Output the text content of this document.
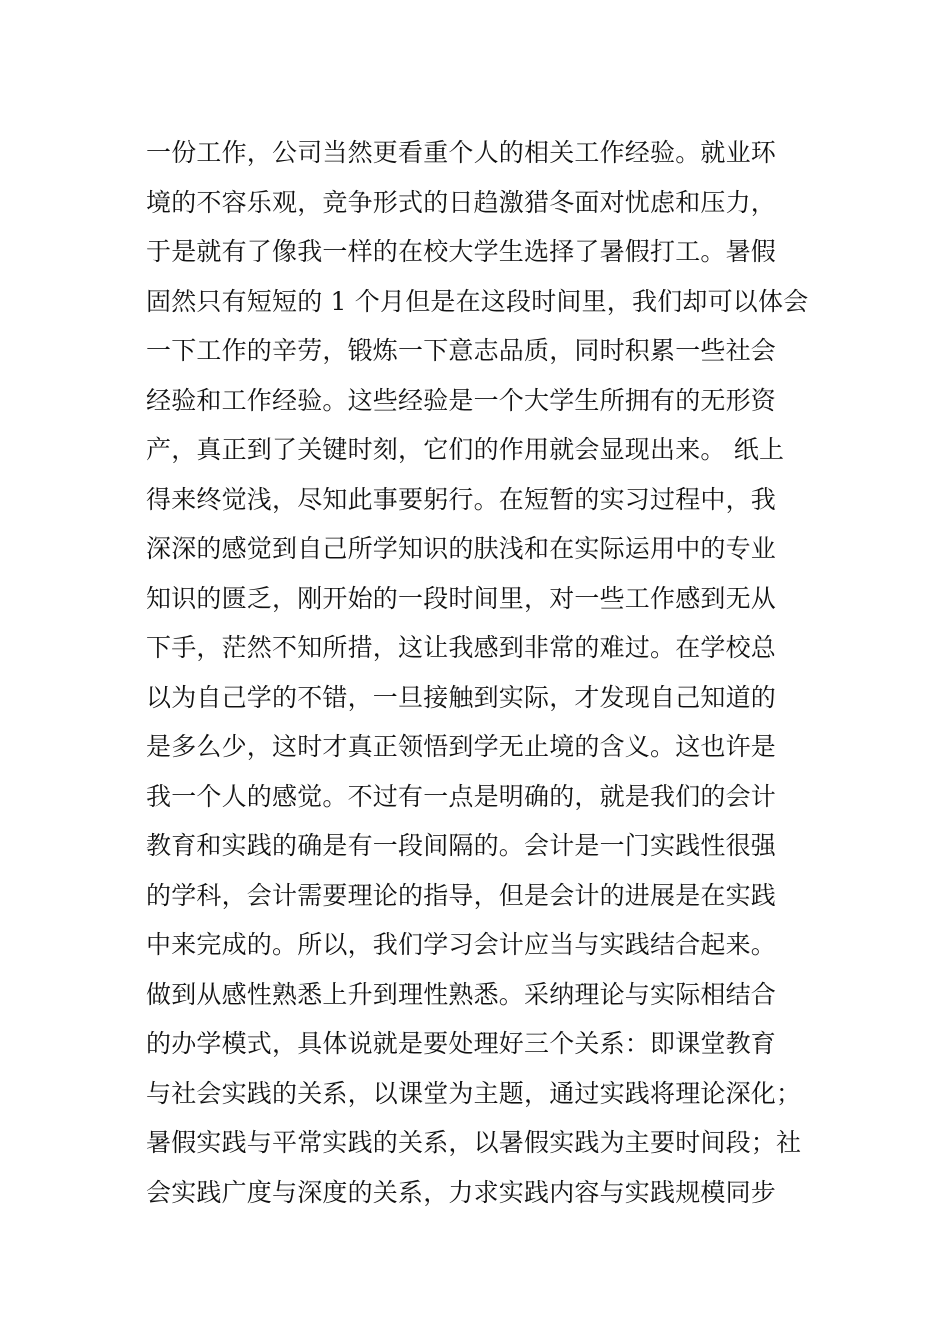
一份工作，公司当然更看重个人的相关工作经验。就业环
境的不容乐观，竞争形式的日趋激猎冬面对忧虑和压力，
于是就有了像我一样的在校大学生选择了暑假打工。暑假
固然只有短短的 1 个月但是在这段时间里，我们却可以体会
一下工作的辛劳，锻炼一下意志品质，同时积累一些社会
经验和工作经验。这些经验是一个大学生所拥有的无形资
产，真正到了关键时刻，它们的作用就会显现出来。 纸上
得来终觉浅，尽知此事要躬行。在短暂的实习过程中，我
深深的感觉到自己所学知识的肤浅和在实际运用中的专业
知识的匮乏，刚开始的一段时间里，对一些工作感到无从
下手，茫然不知所措，这让我感到非常的难过。在学校总
以为自己学的不错，一旦接触到实际，才发现自己知道的
是多么少，这时才真正领悟到学无止境的含义。这也许是
我一个人的感觉。不过有一点是明确的，就是我们的会计
教育和实践的确是有一段间隔的。会计是一门实践性很强
的学科，会计需要理论的指导，但是会计的进展是在实践
中来完成的。所以，我们学习会计应当与实践结合起来。
做到从感性熟悉上升到理性熟悉。采纳理论与实际相结合
的办学模式，具体说就是要处理好三个关系：即课堂教育
与社会实践的关系，以课堂为主题，通过实践将理论深化；
暑假实践与平常实践的关系，以暑假实践为主要时间段；社
会实践广度与深度的关系，力求实践内容与实践规模同步
